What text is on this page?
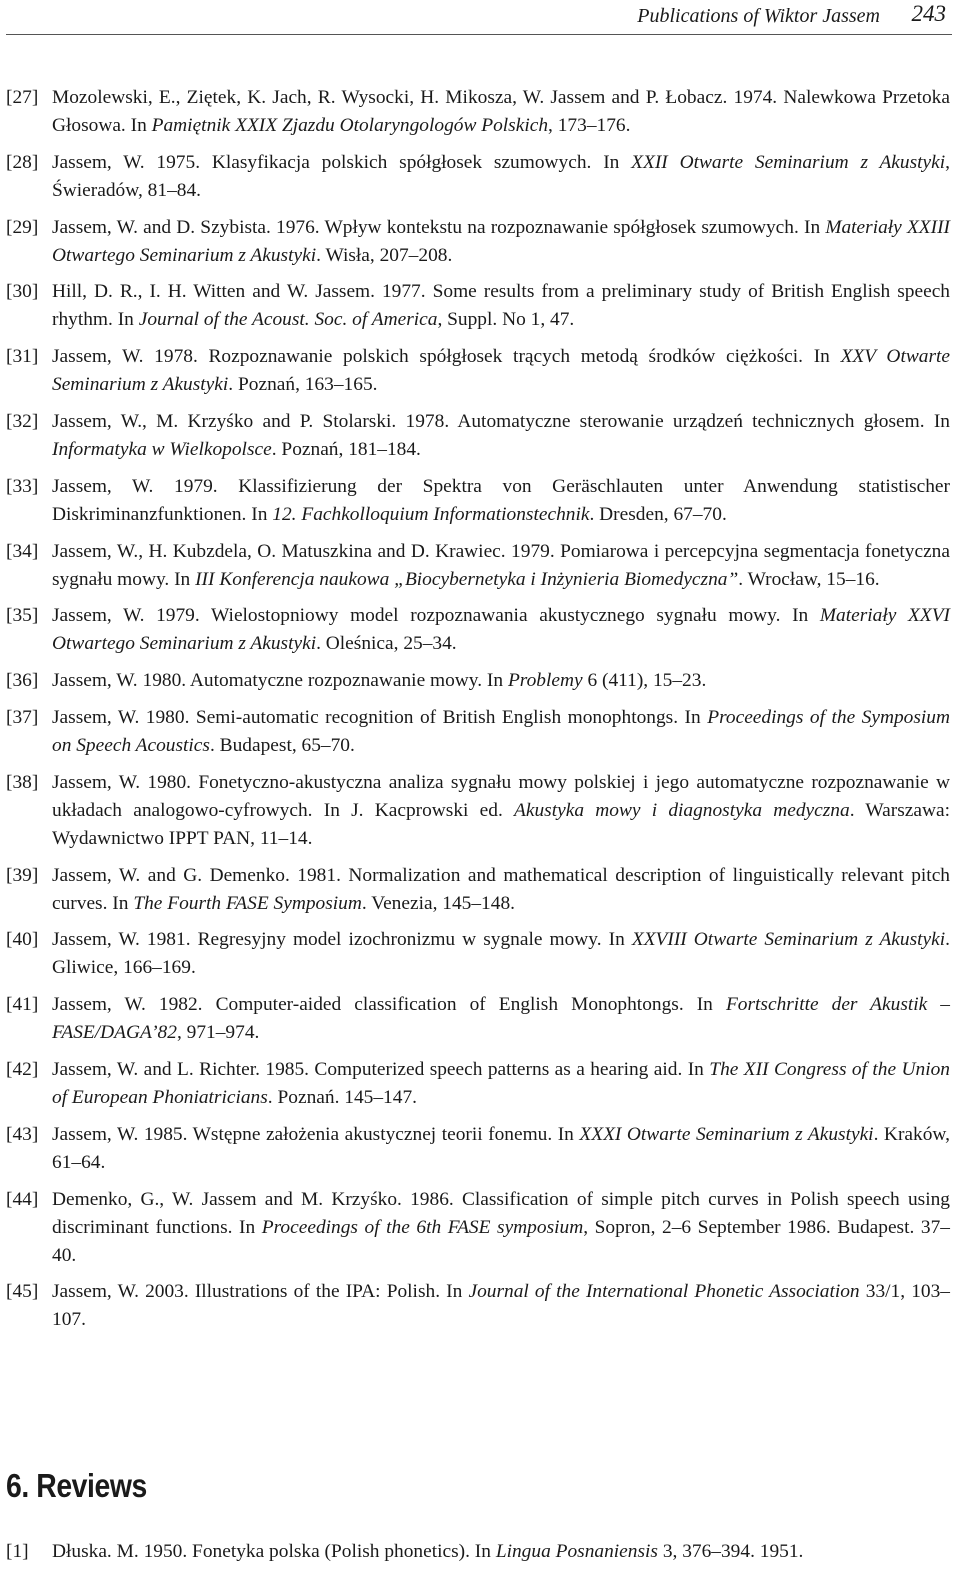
Publications of Wiktor Jassem 243
[27] Mozolewski, E., Ziętek, K. Jach, R. Wysocki, H. Mikosza, W. Jassem and P. Łobacz. 1974. Nalewkowa Przetoka Głosowa. In Pamiętnik XXIX Zjazdu Otolaryngologów Polskich, 173–176.
[28] Jassem, W. 1975. Klasyfikacja polskich spółgłosek szumowych. In XXII Otwarte Seminarium z Akustyki, Świeradów, 81–84.
[29] Jassem, W. and D. Szybista. 1976. Wpływ kontekstu na rozpoznawanie spółgłosek szumowych. In Materiały XXIII Otwartego Seminarium z Akustyki. Wisła, 207–208.
[30] Hill, D. R., I. H. Witten and W. Jassem. 1977. Some results from a preliminary study of British English speech rhythm. In Journal of the Acoust. Soc. of America, Suppl. No 1, 47.
[31] Jassem, W. 1978. Rozpoznawanie polskich spółgłosek trących metodą środków ciężkości. In XXV Otwarte Seminarium z Akustyki. Poznań, 163–165.
[32] Jassem, W., M. Krzyśko and P. Stolarski. 1978. Automatyczne sterowanie urządzeń technicznych głosem. In Informatyka w Wielkopolsce. Poznań, 181–184.
[33] Jassem, W. 1979. Klassifizierung der Spektra von Geräschlauten unter Anwendung statistischer Diskriminanzfunktionen. In 12. Fachkolloquium Informationstechnik. Dresden, 67–70.
[34] Jassem, W., H. Kubzdela, O. Matuszkina and D. Krawiec. 1979. Pomiarowa i percepcyjna segmentacja fonetyczna sygnału mowy. In III Konferencja naukowa „Biocybernetyka i Inżynieria Biomedyczna”. Wrocław, 15–16.
[35] Jassem, W. 1979. Wielostopniowy model rozpoznawania akustycznego sygnału mowy. In Materiały XXVI Otwartego Seminarium z Akustyki. Oleśnica, 25–34.
[36] Jassem, W. 1980. Automatyczne rozpoznawanie mowy. In Problemy 6 (411), 15–23.
[37] Jassem, W. 1980. Semi-automatic recognition of British English monophtongs. In Proceedings of the Symposium on Speech Acoustics. Budapest, 65–70.
[38] Jassem, W. 1980. Fonetyczno-akustyczna analiza sygnału mowy polskiej i jego automatyczne rozpoznawanie w układach analogowo-cyfrowych. In J. Kacprowski ed. Akustyka mowy i diagnostyka medyczna. Warszawa: Wydawnictwo IPPT PAN, 11–14.
[39] Jassem, W. and G. Demenko. 1981. Normalization and mathematical description of linguistically relevant pitch curves. In The Fourth FASE Symposium. Venezia, 145–148.
[40] Jassem, W. 1981. Regresyjny model izochronizmu w sygnale mowy. In XXVIII Otwarte Seminarium z Akustyki. Gliwice, 166–169.
[41] Jassem, W. 1982. Computer-aided classification of English Monophtongs. In Fortschritte der Akustik – FASE/DAGA’82, 971–974.
[42] Jassem, W. and L. Richter. 1985. Computerized speech patterns as a hearing aid. In The XII Congress of the Union of European Phoniatricians. Poznań. 145–147.
[43] Jassem, W. 1985. Wstępne założenia akustycznej teorii fonemu. In XXXI Otwarte Seminarium z Akustyki. Kraków, 61–64.
[44] Demenko, G., W. Jassem and M. Krzyśko. 1986. Classification of simple pitch curves in Polish speech using discriminant functions. In Proceedings of the 6th FASE symposium, Sopron, 2–6 September 1986. Budapest. 37–40.
[45] Jassem, W. 2003. Illustrations of the IPA: Polish. In Journal of the International Phonetic Association 33/1, 103–107.
6. Reviews
[1] Dłuska. M. 1950. Fonetyka polska (Polish phonetics). In Lingua Posnaniensis 3, 376–394. 1951.
